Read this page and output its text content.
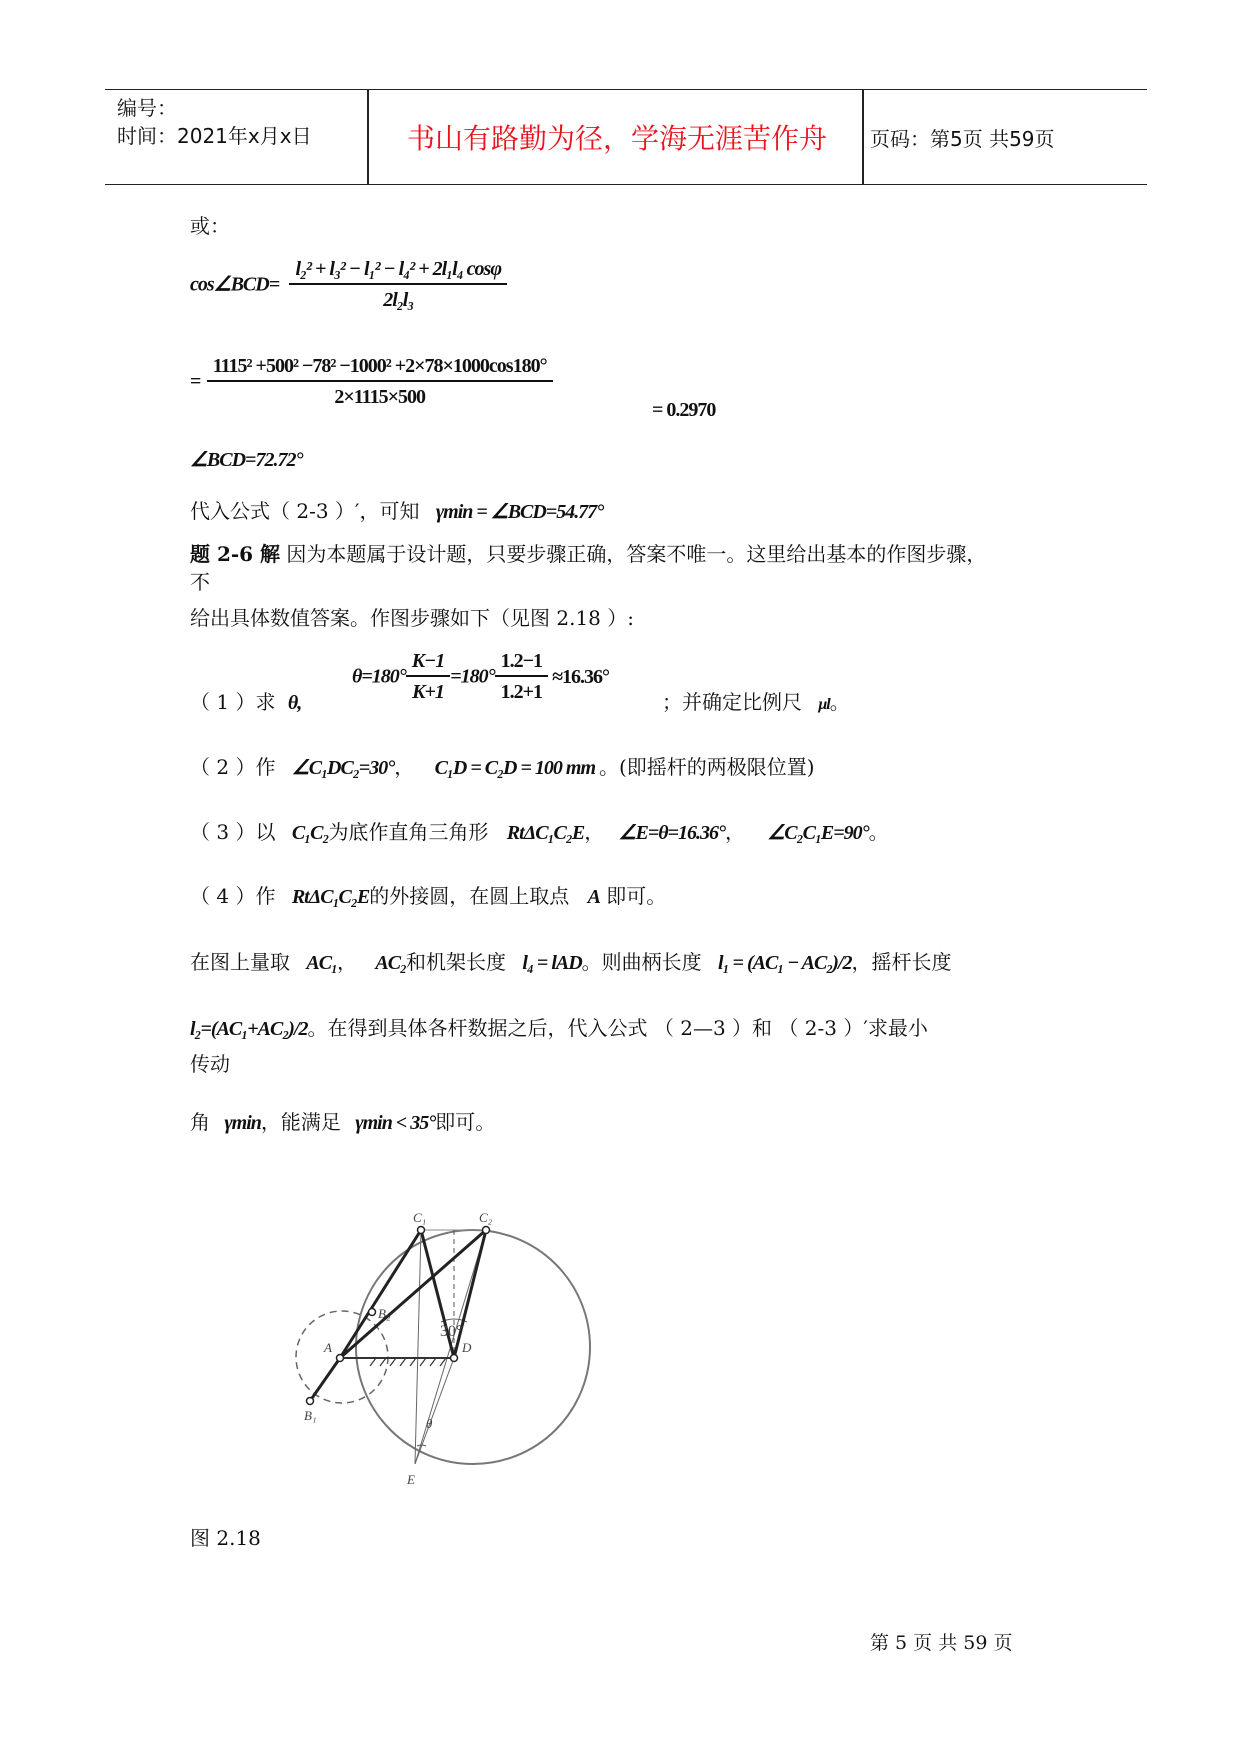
编号：
时间：2021年x月x日	书山有路勤为径，学海无涯苦作舟	页码：第5页 共59页
或：
cos∠BCD= $\frac{\text{l₂² + l₃² − l₁² − l₄² + 2l₁l₄ cosφ}}{\text{2l₂l₃}}$
= $\frac{\text{1115² +500² −78² −1000² +2×78×1000cos180°}}{2\times 1115\times 500}$
= 0.2970
∠BCD=72.72°
代入公式（ 2-3 ）′，可知 γmin = ∠BCD=54.77°
题 2-6 解 因为本题属于设计题，只要步骤正确，答案不唯一。这里给出基本的作图步骤，
不
给出具体数值答案。作图步骤如下（见图 2.18 ）:
（ 1 ）求 θ,
$\theta=180^\circ \frac{K-1}{K+1} =180^\circ \frac{1.2-1}{1.2+1} \approx 16.36^\circ$
；并确定比例尺 μl。
（ 2 ）作 ∠C₁DC₂=30°， C₁D = C₂D = 100 mm 。(即摇杆的两极限位置)
（ 3 ）以 C₁C₂为底作直角三角形 RtΔC₁C₂E， ∠E=θ=16.36°， ∠C₂C₁E=90°。
（ 4 ）作 RtΔC₁C₂E的外接圆，在圆上取点 A 即可。
在图上量取 AC₁， AC₂和机架长度 l₄ = lAD。则曲柄长度 l₁ = (AC₁ − AC₂)/2，摇杆长度
l₂=(AC₁+AC₂)/2。在得到具体各杆数据之后，代入公式 （ 2—3 ）和 （ 2-3 ）′求最小
传动
角 γmin，能满足 γmin < 35°即可。
C₁	C₂
B₂
A	D
B₁
E
30°
θ
图 2.18
第 5 页 共 59 页
